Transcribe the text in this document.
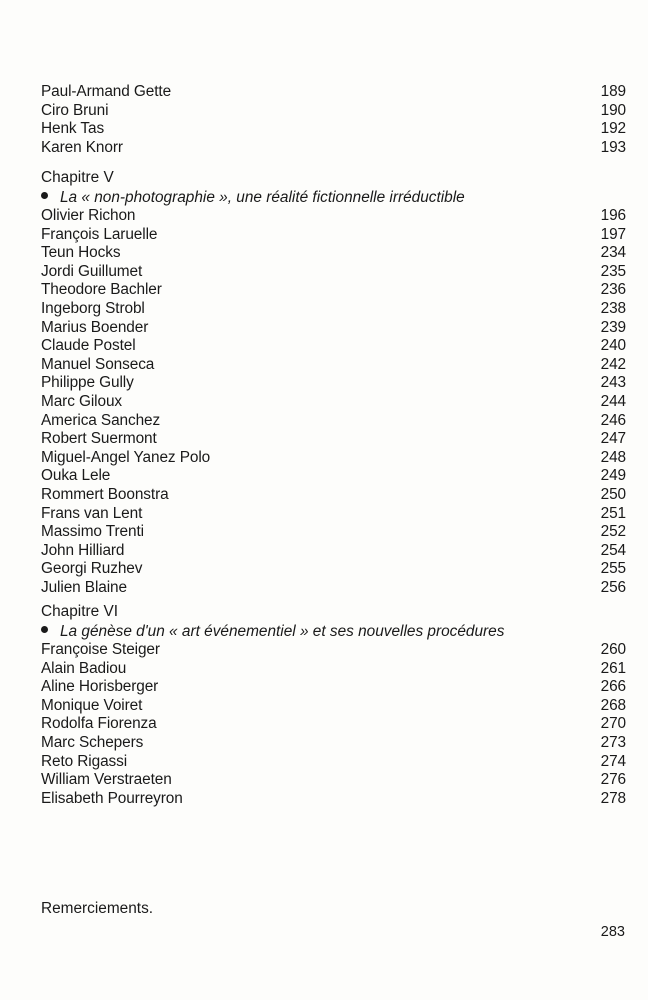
Paul-Armand Gette	189
Ciro Bruni	190
Henk Tas	192
Karen Knorr	193
Chapitre V
La « non-photographie », une réalité fictionnelle irréductible
Olivier Richon	196
François Laruelle	197
Teun Hocks	234
Jordi Guillumet	235
Theodore Bachler	236
Ingeborg Strobl	238
Marius Boender	239
Claude Postel	240
Manuel Sonseca	242
Philippe Gully	243
Marc Giloux	244
America Sanchez	246
Robert Suermont	247
Miguel-Angel Yanez Polo	248
Ouka Lele	249
Rommert Boonstra	250
Frans van Lent	251
Massimo Trenti	252
John Hilliard	254
Georgi Ruzhev	255
Julien Blaine	256
Chapitre VI
La génèse d'un « art événementiel » et ses nouvelles procédures
Françoise Steiger	260
Alain Badiou	261
Aline Horisberger	266
Monique Voiret	268
Rodolfa Fiorenza	270
Marc Schepers	273
Reto Rigassi	274
William Verstraeten	276
Elisabeth Pourreyron	278
Remerciements.
283
